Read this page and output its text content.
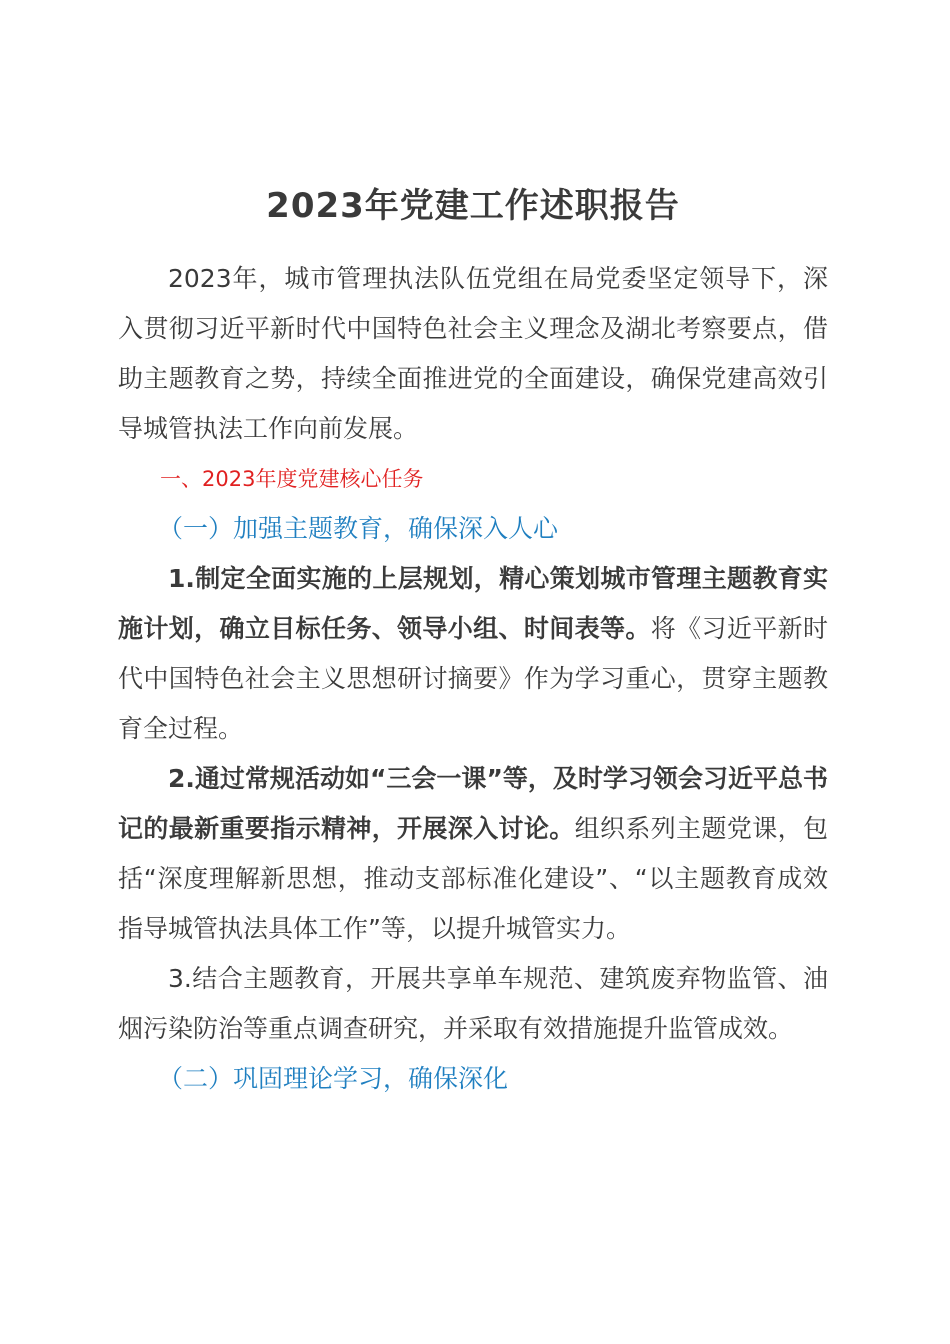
2023年党建工作述职报告

2023年，城市管理执法队伍党组在局党委坚定领导下，深入贯彻习近平新时代中国特色社会主义理念及湖北考察要点，借助主题教育之势，持续全面推进党的全面建设，确保党建高效引导城管执法工作向前发展。

一、2023年度党建核心任务

（一）加强主题教育，确保深入人心

1.制定全面实施的上层规划，精心策划城市管理主题教育实施计划，确立目标任务、领导小组、时间表等。将《习近平新时代中国特色社会主义思想研讨摘要》作为学习重心，贯穿主题教育全过程。

2.通过常规活动如“三会一课”等，及时学习领会习近平总书记的最新重要指示精神，开展深入讨论。组织系列主题党课，包括“深度理解新思想，推动支部标准化建设”、“以主题教育成效指导城管执法具体工作”等，以提升城管实力。

3.结合主题教育，开展共享单车规范、建筑废弃物监管、油烟污染防治等重点调查研究，并采取有效措施提升监管成效。

（二）巩固理论学习，确保深化
